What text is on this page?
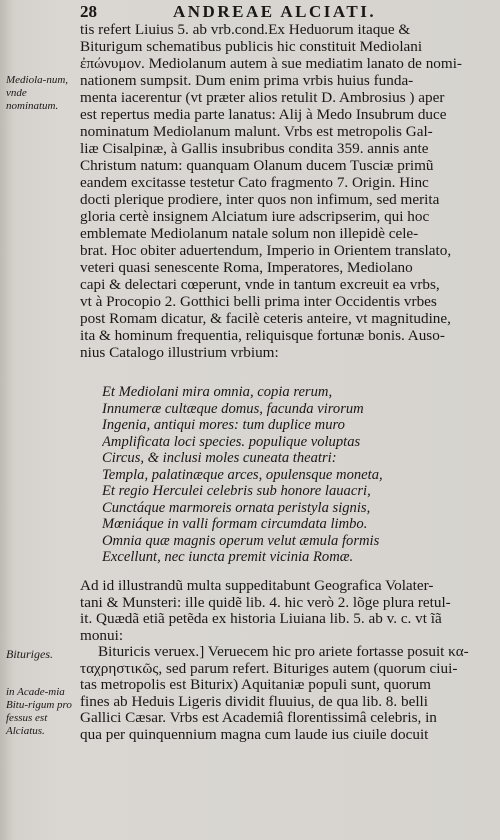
28	ANDREAE ALCIATI.
Mediola-num, vnde nominatum.
Bituriges.
in Acade-mia Bitu-rigum pro fessus est Alciatus.
tis refert Liuius 5. ab vrb.cond.Ex Heduorum itaque &
Biturigum schematibus publicis hic constituit Mediolani
ἐπώνυμον. Mediolanum autem à sue mediatim lanato de nomi-
nationem sumpsit. Dum enim prima vrbis huius funda-
menta iacerentur (vt præter alios retulit D. Ambrosius ) aper
est repertus media parte lanatus: Alij à Medo Insubrum duce
nominatum Mediolanum malunt. Vrbs est metropolis Gal-
liæ Cisalpinæ, à Gallis insubribus condita 359. annis ante
Christum natum: quanquam Olanum ducem Tusciæ primũ
eandem excitasse testetur Cato fragmento 7. Origin. Hinc
docti plerique prodiere, inter quos non infimum, sed merita
gloria certè insignem Alciatum iure adscripserim, qui hoc
emblemate Mediolanum natale solum non illepidè cele-
brat. Hoc obiter aduertendum, Imperio in Orientem translato,
veteri quasi senescente Roma, Imperatores, Mediolano
capi & delectari cœperunt, vnde in tantum excreuit ea vrbs,
vt à Procopio 2. Gotthici belli prima inter Occidentis vrbes
post Romam dicatur, & facilè ceteris anteire, vt magnitudine,
ita & hominum frequentia, reliquisque fortunæ bonis. Auso-
nius Catalogo illustrium vrbium:
Et Mediolani mira omnia, copia rerum,
Innumeræ cultæque domus, facunda virorum
Ingenia, antiqui mores: tum duplice muro
Amplificata loci species. populique voluptas
Circus, & inclusi moles cuneata theatri:
Templa, palatinæque arces, opulensque moneta,
Et regio Herculei celebris sub honore lauacri,
Cunctáque marmoreis ornata peristyla signis,
Mœniáque in valli formam circumdata limbo.
Omnia quæ magnis operum velut æmula formis
Excellunt, nec iuncta premit vicinia Romæ.
Ad id illustrandũ multa suppeditabunt Geografica Volater-
tani & Munsteri: ille quidẽ lib. 4. hic verò 2. lõge plura retul-
it. Quædã etiã petẽda ex historia Liuiana lib. 5. ab v. c. vt ĩã
monui:
Bituricis veruex.] Veruecem hic pro ariete fortasse posuit κα-
ταχρηστικῶς, sed parum refert. Bituriges autem (quorum ciui-
tas metropolis est Biturix) Aquitaniæ populi sunt, quorum
fines ab Heduis Ligeris dividit fluuius, de qua lib. 8. belli
Gallici Cæsar. Vrbs est Academiâ florentissimâ celebris, in
qua per quinquennium magna cum laude ius ciuile docuit
